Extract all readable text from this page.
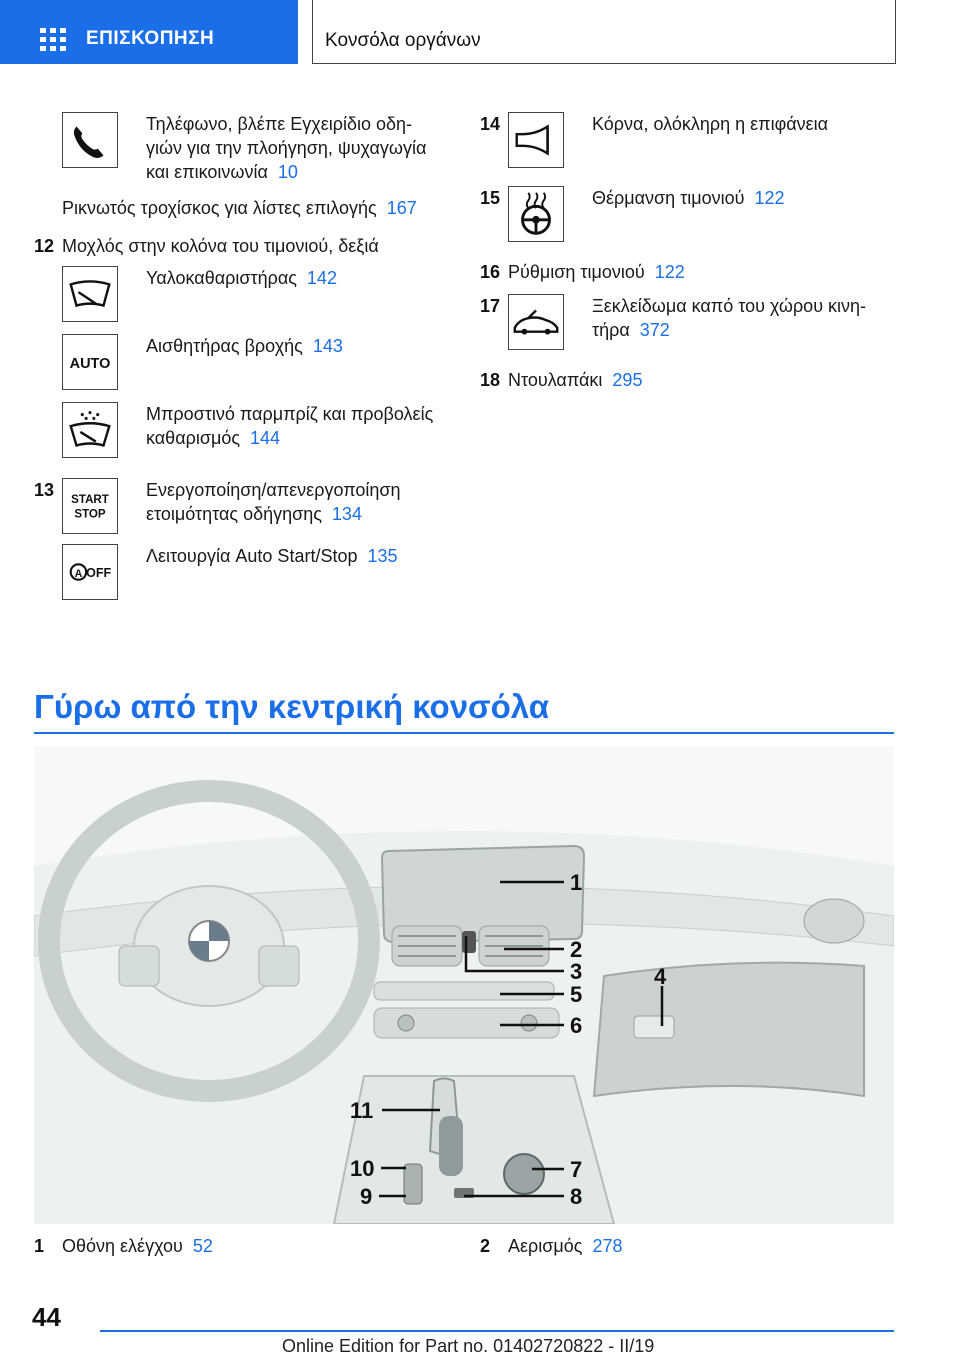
ΕΠΙΣΚΟΠΗΣΗ	Κονσόλα οργάνων
Τηλέφωνο, βλέπε Εγχειρίδιο οδη-
γιών για την πλοήγηση, ψυχαγωγία
και επικοινωνία 10
Ρικνωτός τροχίσκος για λίστες επιλογής 167
12 Μοχλός στην κολόνα του τιμονιού, δεξιά
Υαλοκαθαριστήρας 142
AUTO
Αισθητήρας βροχής 143
Μπροστινό παρμπρίζ και προβολείς
καθαρισμός 144
13
START
STOP
Ενεργοποίηση/απενεργοποίηση
ετοιμότητας οδήγησης 134
A OFF
Λειτουργία Auto Start/Stop 135
14	Κόρνα, ολόκληρη η επιφάνεια
15	Θέρμανση τιμονιού 122
16 Ρύθμιση τιμονιού 122
17	Ξεκλείδωμα καπό του χώρου κινη-
τήρα 372
18 Ντουλαπάκι 295
Γύρω από την κεντρική κονσόλα
1
2
3	4
5
6
7
8
9
10
11
1 Οθόνη ελέγχου 52	2 Αερισμός 278
44
Online Edition for Part no. 01402720822 - II/19
